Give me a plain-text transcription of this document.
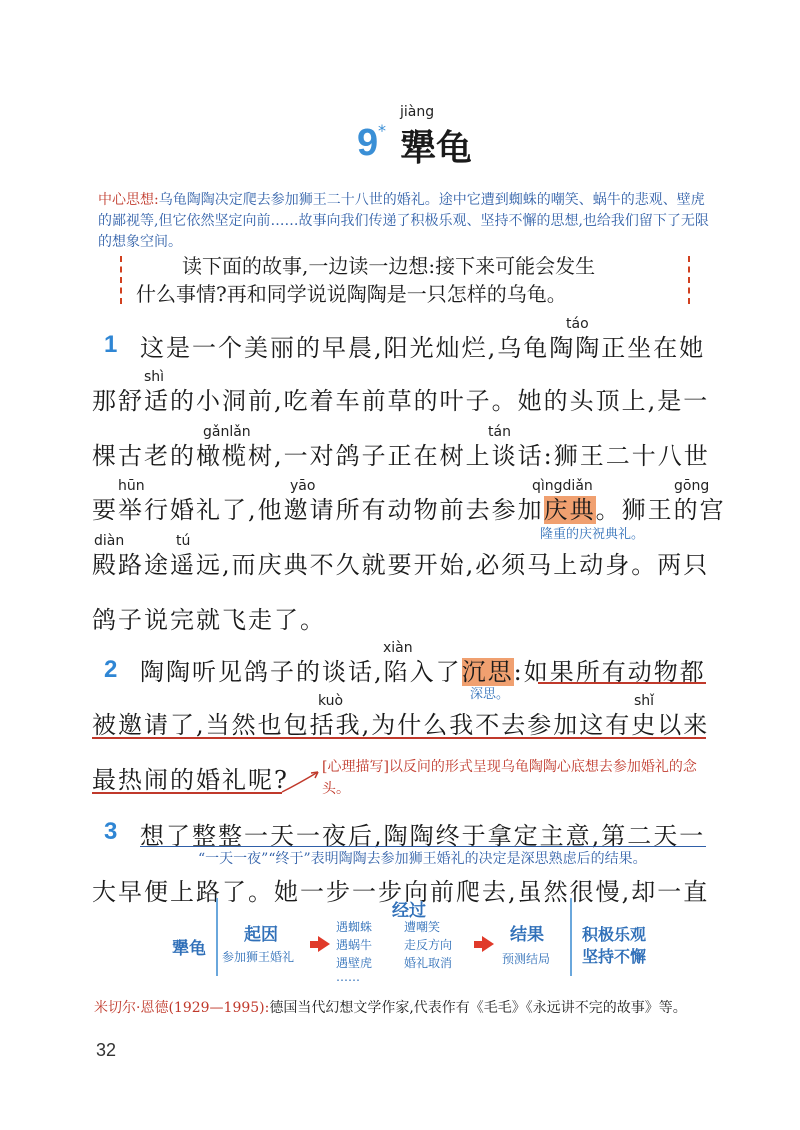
jiàng
9 * 犟龟
中心思想:乌龟陶陶决定爬去参加狮王二十八世的婚礼。途中它遭到蜘蛛的嘲笑、蜗牛的悲观、壁虎的鄙视等,但它依然坚定向前……故事向我们传递了积极乐观、坚持不懈的思想,也给我们留下了无限的想象空间。
读下面的故事,一边读一边想:接下来可能会发生
什么事情?再和同学说说陶陶是一只怎样的乌龟。
1
táo
这是一个美丽的早晨,阳光灿烂,乌龟陶陶正坐在她
shì
那舒适的小洞前,吃着车前草的叶子。她的头顶上,是一
gǎnlǎn	tán
棵古老的橄榄树,一对鸽子正在树上谈话:狮王二十八世
hūn	yāo	qìngdiǎn	gōng
要举行婚礼了,他邀请所有动物前去参加庆典。狮王的宫
隆重的庆祝典礼。
diàn	tú
殿路途遥远,而庆典不久就要开始,必须马上动身。两只
鸽子说完就飞走了。
2
xiàn
陶陶听见鸽子的谈话,陷入了沉思:如果所有动物都
深思。
kuò	shǐ
被邀请了,当然也包括我,为什么我不去参加这有史以来
最热闹的婚礼呢? [心理描写]以反问的形式呈现乌龟陶陶心底想去参加婚礼的念头。
3 想了整整一天一夜后,陶陶终于拿定主意,第二天一
“一天一夜”“终于”表明陶陶去参加狮王婚礼的决定是深思熟虑后的结果。
大早便上路了。她一步一步向前爬去,虽然很慢,却一直
犟龟
起因
参加狮王婚礼
经过
遇蜘蛛
遇蜗牛
遇壁虎
……
遭嘲笑
走反方向
婚礼取消
结果
预测结局
积极乐观
坚持不懈
米切尔·恩德(1929—1995):德国当代幻想文学作家,代表作有《毛毛》《永远讲不完的故事》等。
32
